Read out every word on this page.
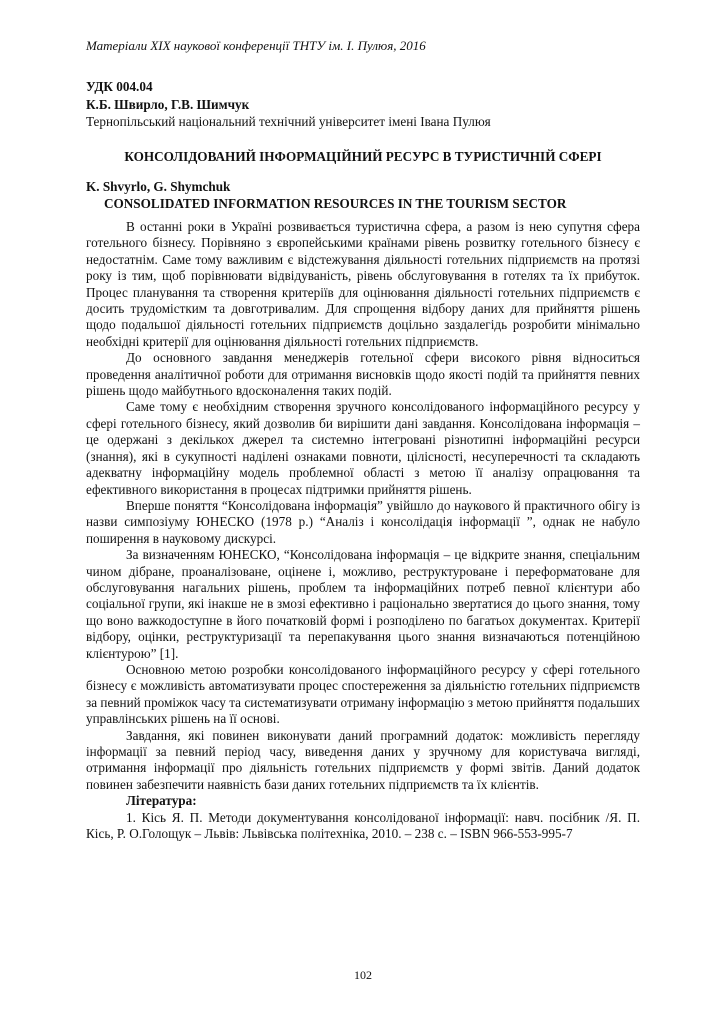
Матеріали XIX наукової конференції ТНТУ ім. І. Пулюя, 2016
УДК 004.04
К.Б. Швирло, Г.В. Шимчук
Тернопільський національний технічний університет імені Івана Пулюя
КОНСОЛІДОВАНИЙ ІНФОРМАЦІЙНИЙ РЕСУРС В ТУРИСТИЧНІЙ СФЕРІ
K. Shvyrlo, G. Shymchuk
CONSOLIDATED INFORMATION RESOURCES IN THE TOURISM SECTOR

В останні роки в Україні розвивається туристична сфера, а разом із нею супутня сфера готельного бізнесу. Порівняно з європейськими країнами рівень розвитку готельного бізнесу є недостатнім. Саме тому важливим є відстежування діяльності готельних підприємств на протязі року із тим, щоб порівнювати відвідуваність, рівень обслуговування в готелях та їх прибуток. Процес планування та створення критеріїв для оцінювання діяльності готельних підприємств є досить трудомістким та довготривалим. Для спрощення відбору даних для прийняття рішень щодо подальшої діяльності готельних підприємств доцільно заздалегідь розробити мінімально необхідні критерії для оцінювання діяльності готельних підприємств.

До основного завдання менеджерів готельної сфери високого рівня відноситься проведення аналітичної роботи для отримання висновків щодо якості подій та прийняття певних рішень щодо майбутнього вдосконалення таких подій.

Саме тому є необхідним створення зручного консолідованого інформаційного ресурсу у сфері готельного бізнесу, який дозволив би вирішити дані завдання. Консолідована інформація – це одержані з декількох джерел та системно інтегровані різнотипні інформаційні ресурси (знання), які в сукупності наділені ознаками повноти, цілісності, несуперечності та складають адекватну інформаційну модель проблемної області з метою її аналізу опрацювання та ефективного використання в процесах підтримки прийняття рішень.

Вперше поняття “Консолідована інформація” увійшло до наукового й практичного обігу із назви симпозіуму ЮНЕСКО (1978 р.) “Аналіз і консолідація інформації ”, однак не набуло поширення в науковому дискурсі.

За визначенням ЮНЕСКО, “Консолідована інформація – це відкрите знання, спеціальним чином дібране, проаналізоване, оцінене і, можливо, реструктуроване і переформатоване для обслуговування нагальних рішень, проблем та інформаційних потреб певної клієнтури або соціальної групи, які інакше не в змозі ефективно і раціонально звертатися до цього знання, тому що воно важкодоступне в його початковій формі і розподілено по багатьох документах. Критерії відбору, оцінки, реструктуризації та перепакування цього знання визначаються потенційною клієнтурою” [1].

Основною метою розробки консолідованого інформаційного ресурсу у сфері готельного бізнесу є можливість автоматизувати процес спостереження за діяльністю готельних підприємств за певний проміжок часу та систематизувати отриману інформацію з метою прийняття подальших управлінських рішень на її основі.

Завдання, які повинен виконувати даний програмний додаток: можливість перегляду інформації за певний період часу, виведення даних у зручному для користувача вигляді, отримання інформації про діяльність готельних підприємств у формі звітів. Даний додаток повинен забезпечити наявність бази даних готельних підприємств та їх клієнтів.

Література:

1. Кісь Я. П. Методи документування консолідованої інформації: навч. посібник /Я. П. Кісь, Р. О.Голощук – Львів: Львівська політехніка, 2010. – 238 с. – ISBN 966-553-995-7

102
